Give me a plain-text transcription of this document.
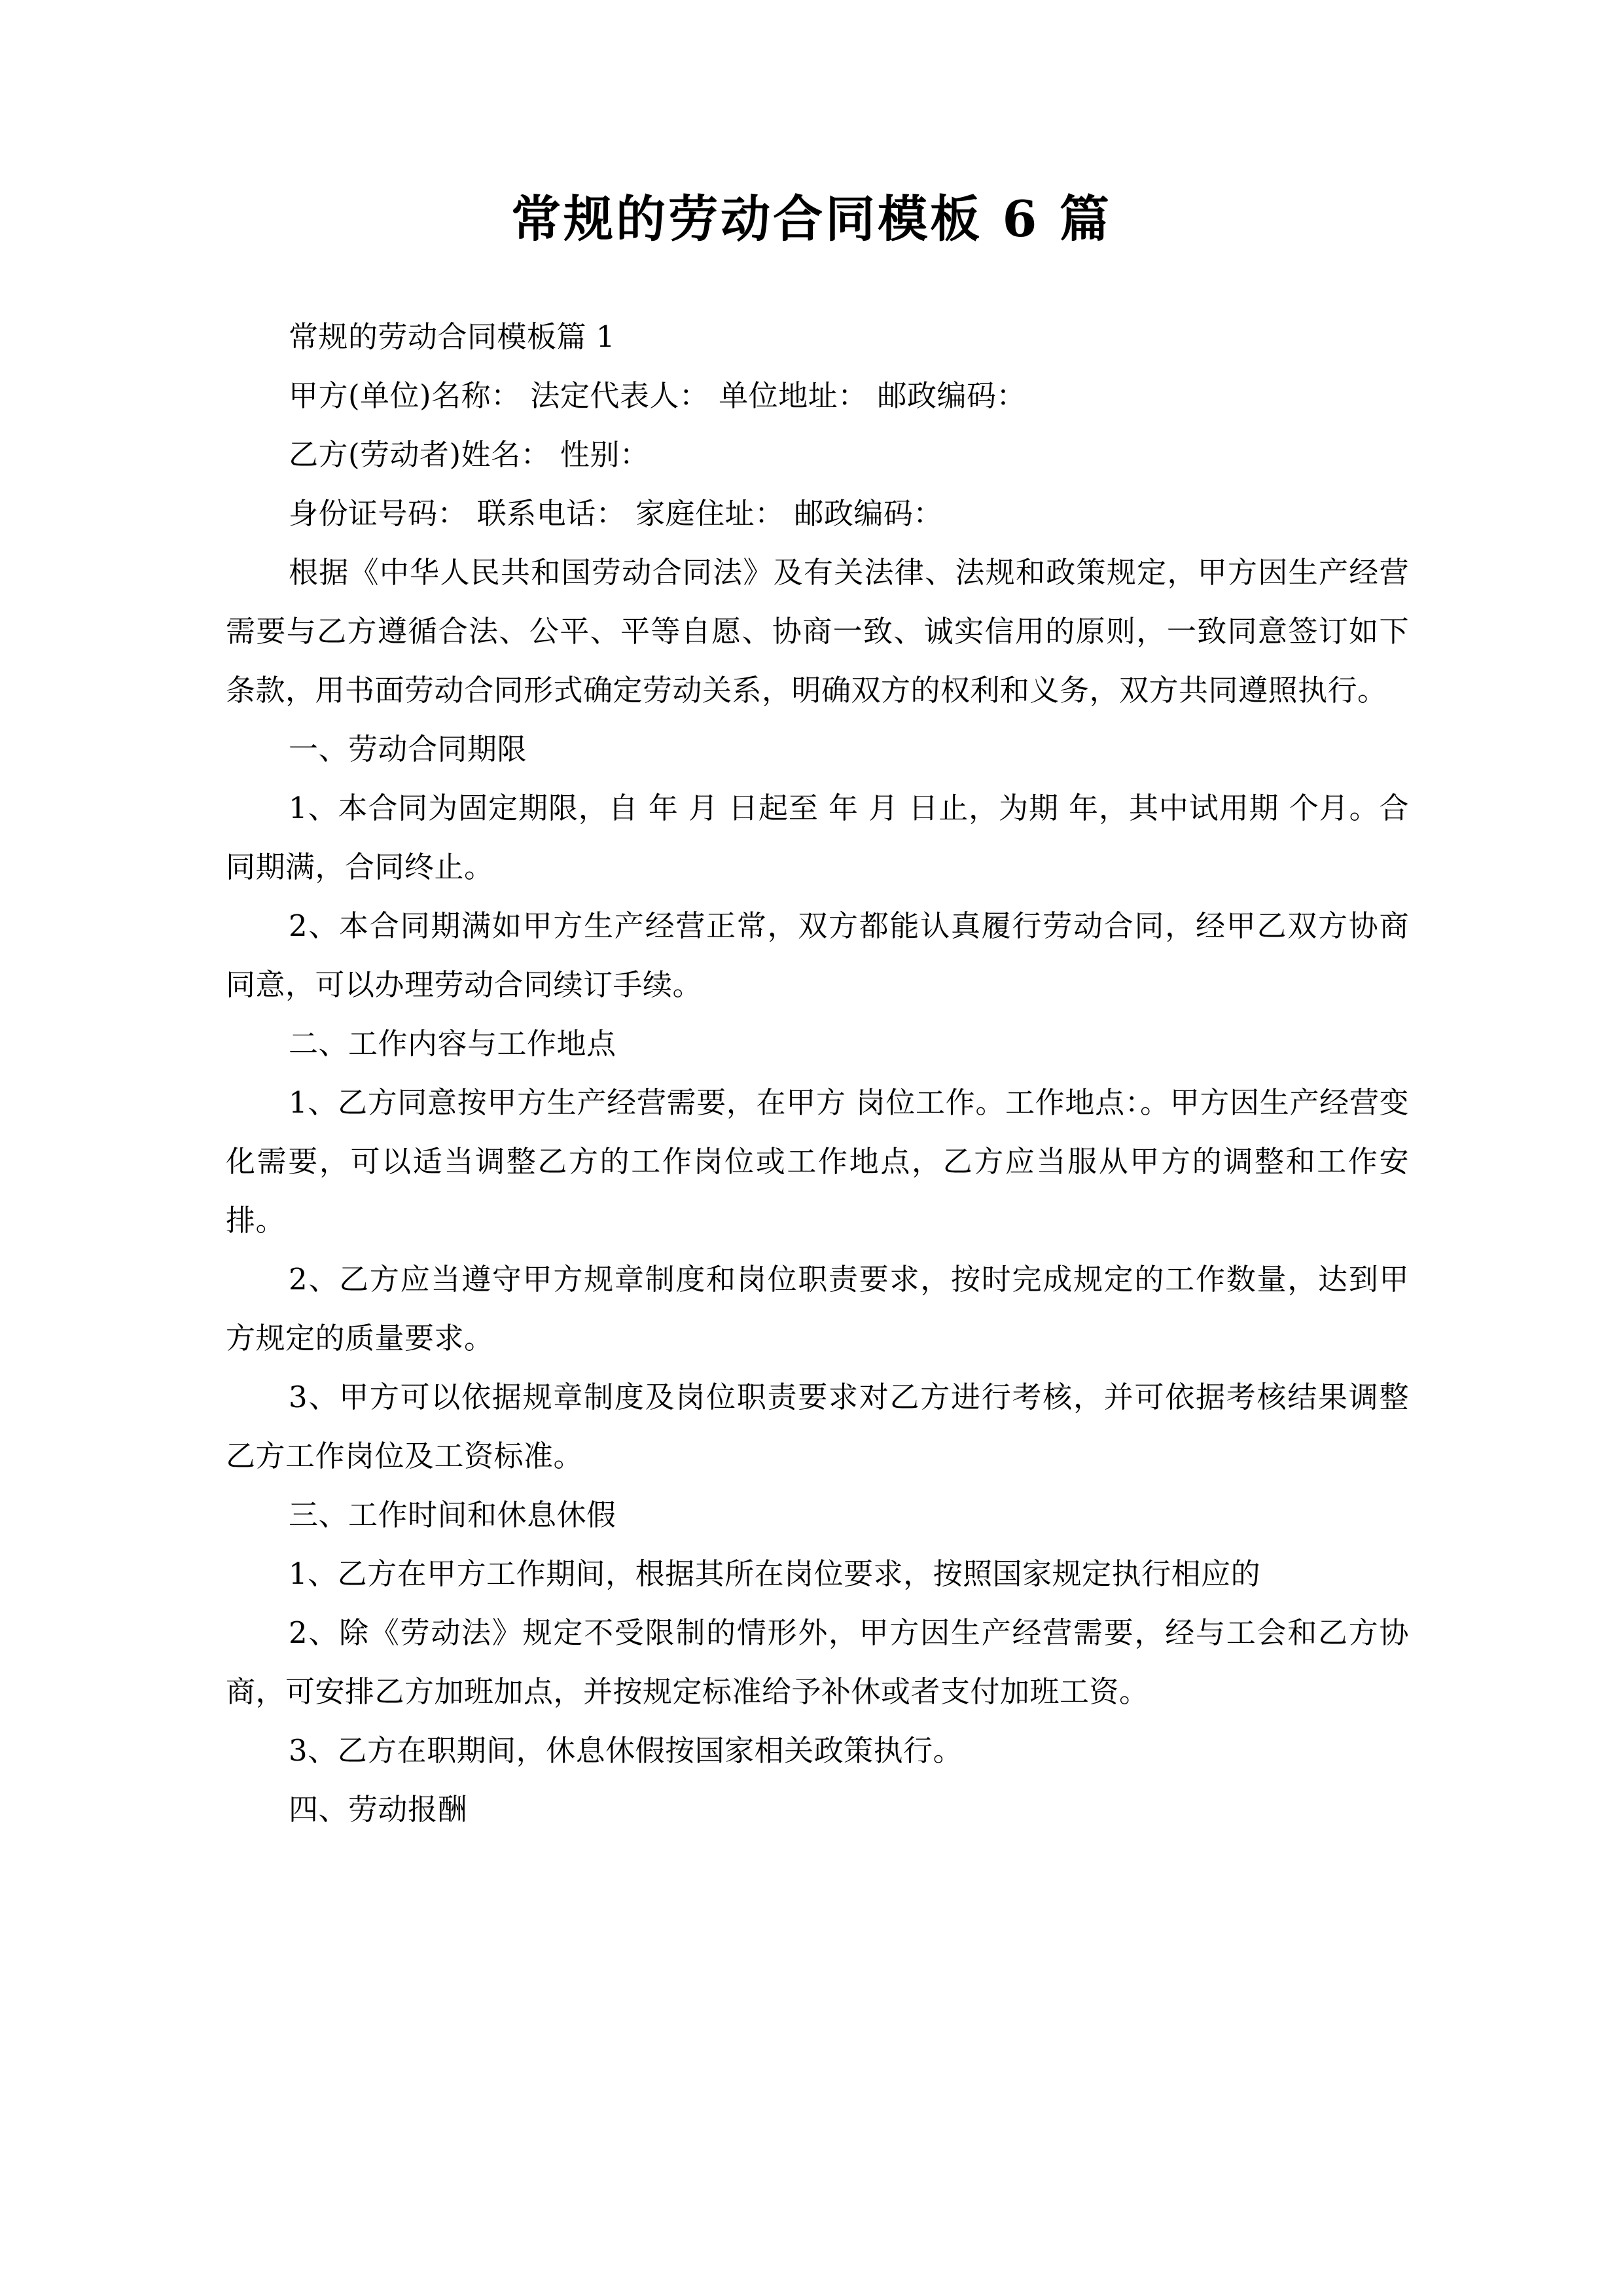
常规的劳动合同模板 6 篇

常规的劳动合同模板篇 1

甲方(单位)名称： 法定代表人： 单位地址： 邮政编码：

乙方(劳动者)姓名： 性别：

身份证号码： 联系电话： 家庭住址： 邮政编码：

根据《中华人民共和国劳动合同法》及有关法律、法规和政策规定，甲方因生产经营需要与乙方遵循合法、公平、平等自愿、协商一致、诚实信用的原则，一致同意签订如下条款，用书面劳动合同形式确定劳动关系，明确双方的权利和义务，双方共同遵照执行。

一、劳动合同期限

1、本合同为固定期限，自 年 月 日起至 年 月 日止，为期 年，其中试用期 个月。合同期满，合同终止。

2、本合同期满如甲方生产经营正常，双方都能认真履行劳动合同，经甲乙双方协商同意，可以办理劳动合同续订手续。

二、工作内容与工作地点

1、乙方同意按甲方生产经营需要，在甲方 岗位工作。工作地点：。甲方因生产经营变化需要，可以适当调整乙方的工作岗位或工作地点，乙方应当服从甲方的调整和工作安排。

2、乙方应当遵守甲方规章制度和岗位职责要求，按时完成规定的工作数量，达到甲方规定的质量要求。

3、甲方可以依据规章制度及岗位职责要求对乙方进行考核，并可依据考核结果调整乙方工作岗位及工资标准。

三、工作时间和休息休假

1、乙方在甲方工作期间，根据其所在岗位要求，按照国家规定执行相应的

2、除《劳动法》规定不受限制的情形外，甲方因生产经营需要，经与工会和乙方协商，可安排乙方加班加点，并按规定标准给予补休或者支付加班工资。

3、乙方在职期间，休息休假按国家相关政策执行。

四、劳动报酬
